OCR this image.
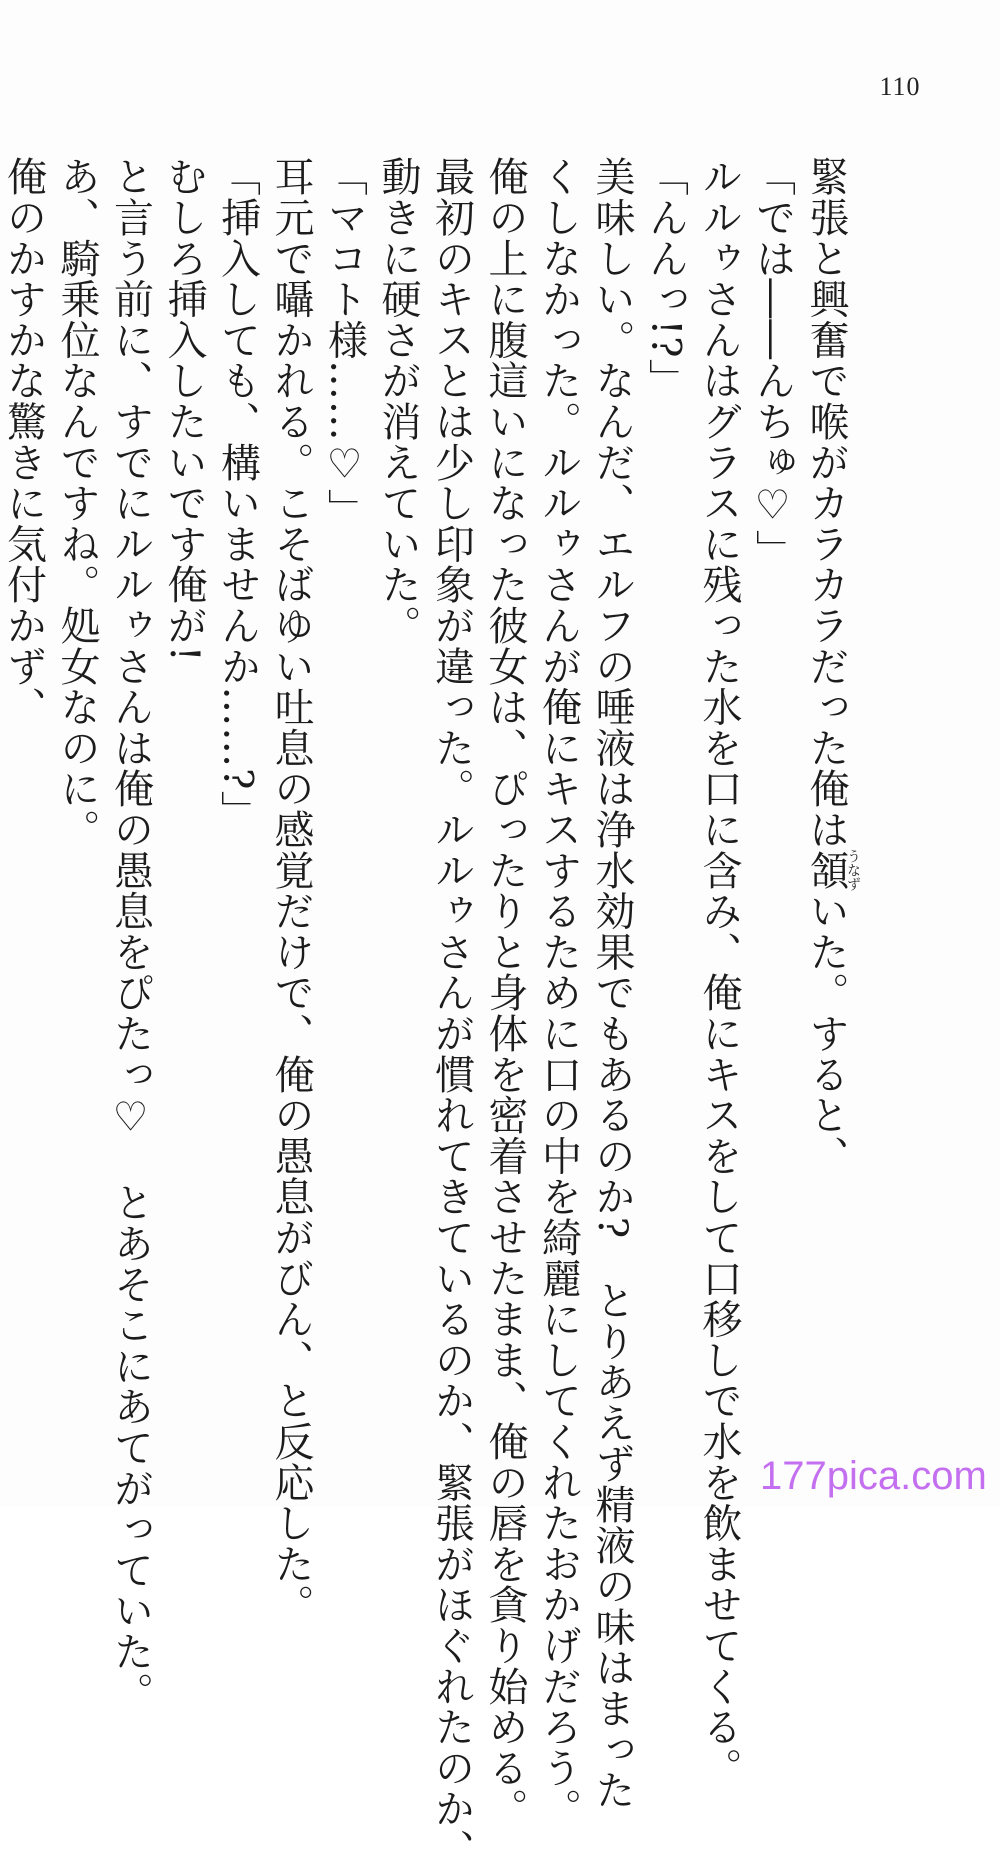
110
緊張と興奮で喉がカラカラだった俺は頷うなずいた。すると、
「では――んちゅ♡」
ルルゥさんはグラスに残った水を口に含み、俺にキスをして口移しで水を飲ませてくる。
「んんっ!?」
美味しい。なんだ、エルフの唾液は浄水効果でもあるのか?　とりあえず精液の味はまった
くしなかった。ルルゥさんが俺にキスするために口の中を綺麗にしてくれたおかげだろう。
俺の上に腹這いになった彼女は、ぴったりと身体を密着させたまま、俺の唇を貪り始める。
最初のキスとは少し印象が違った。ルルゥさんが慣れてきているのか、緊張がほぐれたのか、
動きに硬さが消えていた。
「マコト様……♡」
耳元で囁かれる。こそばゆい吐息の感覚だけで、俺の愚息がびん、と反応した。
「挿入しても、構いませんか……?」
むしろ挿入したいです俺が!
と言う前に、すでにルルゥさんは俺の愚息をぴたっ♡　とあそこにあてがっていた。
あ、騎乗位なんですね。処女なのに。
俺のかすかな驚きに気付かず、
177pica.com
